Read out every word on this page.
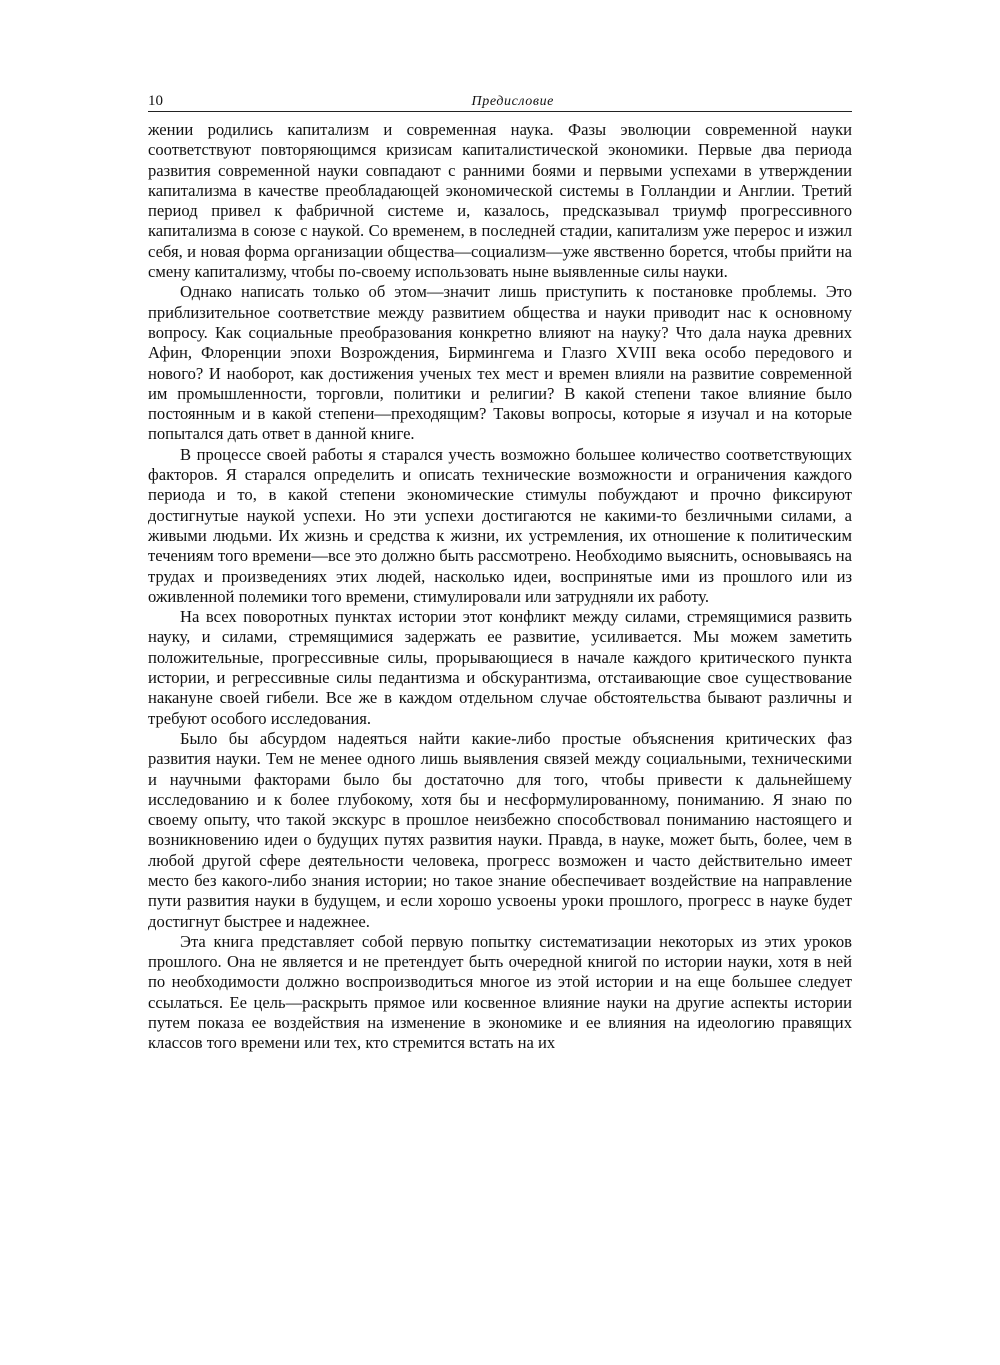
10	Предисловие

жении родились капитализм и современная наука. Фазы эволюции современной науки соответствуют повторяющимся кризисам капиталистической экономики. Первые два периода развития современной науки совпадают с ранними боями и первыми успехами в утверждении капитализма в качестве преобладающей экономической системы в Голландии и Англии. Третий период привел к фабричной системе и, казалось, предсказывал триумф прогрессивного капитализма в союзе с наукой. Со временем, в последней стадии, капитализм уже перерос и изжил себя, и новая форма организации общества—социализм—уже явственно борется, чтобы прийти на смену капитализму, чтобы по-своему использовать ныне выявленные силы науки.

Однако написать только об этом—значит лишь приступить к постановке проблемы. Это приблизительное соответствие между развитием общества и науки приводит нас к основному вопросу. Как социальные преобразования конкретно влияют на науку? Что дала наука древних Афин, Флоренции эпохи Возрождения, Бирмингема и Глазго XVIII века особо передового и нового? И наоборот, как достижения ученых тех мест и времен влияли на развитие современной им промышленности, торговли, политики и религии? В какой степени такое влияние было постоянным и в какой степени—преходящим? Таковы вопросы, которые я изучал и на которые попытался дать ответ в данной книге.

В процессе своей работы я старался учесть возможно большее количество соответствующих факторов. Я старался определить и описать технические возможности и ограничения каждого периода и то, в какой степени экономические стимулы побуждают и прочно фиксируют достигнутые наукой успехи. Но эти успехи достигаются не какими-то безличными силами, а живыми людьми. Их жизнь и средства к жизни, их устремления, их отношение к политическим течениям того времени—все это должно быть рассмотрено. Необходимо выяснить, основываясь на трудах и произведениях этих людей, насколько идеи, воспринятые ими из прошлого или из оживленной полемики того времени, стимулировали или затрудняли их работу.

На всех поворотных пунктах истории этот конфликт между силами, стремящимися развить науку, и силами, стремящимися задержать ее развитие, усиливается. Мы можем заметить положительные, прогрессивные силы, прорывающиеся в начале каждого критического пункта истории, и регрессивные силы педантизма и обскурантизма, отстаивающие свое существование накануне своей гибели. Все же в каждом отдельном случае обстоятельства бывают различны и требуют особого исследования.

Было бы абсурдом надеяться найти какие-либо простые объяснения критических фаз развития науки. Тем не менее одного лишь выявления связей между социальными, техническими и научными факторами было бы достаточно для того, чтобы привести к дальнейшему исследованию и к более глубокому, хотя бы и несформулированному, пониманию. Я знаю по своему опыту, что такой экскурс в прошлое неизбежно способствовал пониманию настоящего и возникновению идеи о будущих путях развития науки. Правда, в науке, может быть, более, чем в любой другой сфере деятельности человека, прогресс возможен и часто действительно имеет место без какого-либо знания истории; но такое знание обеспечивает воздействие на направление пути развития науки в будущем, и если хорошо усвоены уроки прошлого, прогресс в науке будет достигнут быстрее и надежнее.

Эта книга представляет собой первую попытку систематизации некоторых из этих уроков прошлого. Она не является и не претендует быть очередной книгой по истории науки, хотя в ней по необходимости должно воспроизводиться многое из этой истории и на еще большее следует ссылаться. Ее цель—раскрыть прямое или косвенное влияние науки на другие аспекты истории путем показа ее воздействия на изменение в экономике и ее влияния на идеологию правящих классов того времени или тех, кто стремится встать на их
